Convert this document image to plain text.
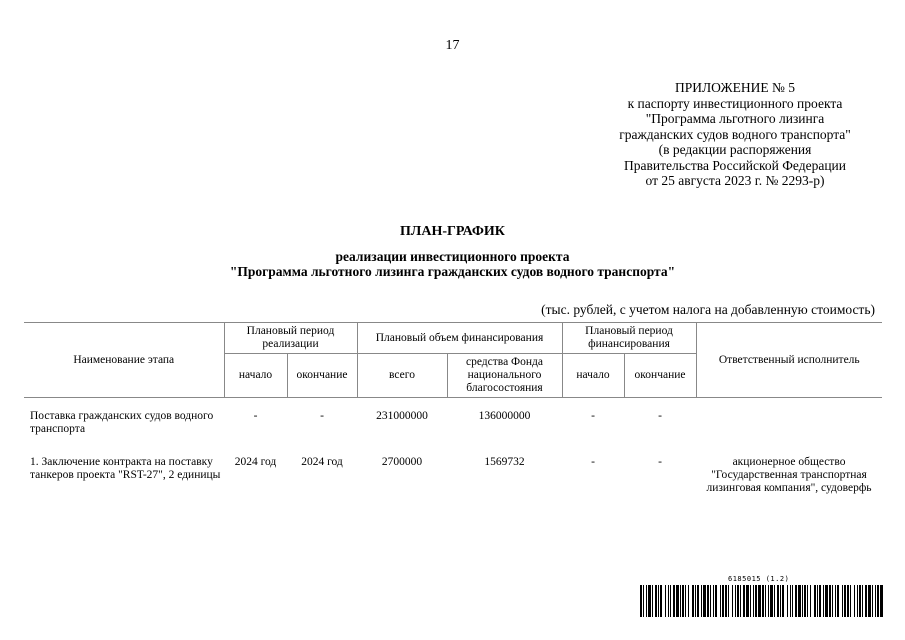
17
ПРИЛОЖЕНИЕ № 5
к паспорту инвестиционного проекта
"Программа льготного лизинга
гражданских судов водного транспорта"
(в редакции распоряжения
Правительства Российской Федерации
от 25 августа 2023 г. № 2293-р)
ПЛАН-ГРАФИК
реализации инвестиционного проекта
"Программа льготного лизинга гражданских судов водного транспорта"
(тыс. рублей, с учетом налога на добавленную стоимость)
Наименование этапа	Плановый период реализации		Плановый объем финансирования		Плановый период финансирования		Ответственный исполнитель
	начало	окончание	всего	средства Фонда национального благосостояния	начало	окончание	

Поставка гражданских судов водного транспорта	-	-	231000000	136000000	-	-	
1. Заключение контракта на поставку танкеров проекта "RST-27", 2 единицы	2024 год	2024 год	2700000	1569732	-	-	акционерное общество "Государственная транспортная лизинговая компания", судоверфь
6185015 (1.2)
